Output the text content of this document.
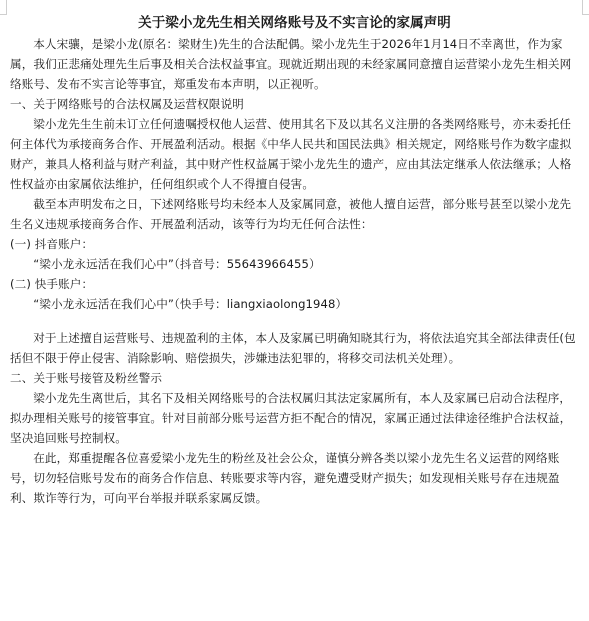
关于梁小龙先生相关网络账号及不实言论的家属声明

本人宋骧，是梁小龙(原名：梁财生)先生的合法配偶。梁小龙先生于2026年1月14日不幸离世，作为家属，我们正悲痛处理先生后事及相关合法权益事宜。现就近期出现的未经家属同意擅自运营梁小龙先生相关网络账号、发布不实言论等事宜，郑重发布本声明，以正视听。

一、关于网络账号的合法权属及运营权限说明

梁小龙先生生前未订立任何遗嘱授权他人运营、使用其名下及以其名义注册的各类网络账号，亦未委托任何主体代为承接商务合作、开展盈利活动。根据《中华人民共和国民法典》相关规定，网络账号作为数字虚拟财产，兼具人格利益与财产利益，其中财产性权益属于梁小龙先生的遗产，应由其法定继承人依法继承；人格性权益亦由家属依法维护，任何组织或个人不得擅自侵害。

截至本声明发布之日，下述网络账号均未经本人及家属同意，被他人擅自运营，部分账号甚至以梁小龙先生名义违规承接商务合作、开展盈利活动，该等行为均无任何合法性：

(一) 抖音账户：

“梁小龙永远活在我们心中”（抖音号：55643966455）

(二) 快手账户：

“梁小龙永远活在我们心中”（快手号：liangxiaolong1948）

对于上述擅自运营账号、违规盈利的主体，本人及家属已明确知晓其行为，将依法追究其全部法律责任(包括但不限于停止侵害、消除影响、赔偿损失，涉嫌违法犯罪的，将移交司法机关处理）。

二、关于账号接管及粉丝警示

梁小龙先生离世后，其名下及相关网络账号的合法权属归其法定家属所有，本人及家属已启动合法程序，拟办理相关账号的接管事宜。针对目前部分账号运营方拒不配合的情况，家属正通过法律途径维护合法权益，坚决追回账号控制权。

在此，郑重提醒各位喜爱梁小龙先生的粉丝及社会公众，谨慎分辨各类以梁小龙先生名义运营的网络账号，切勿轻信账号发布的商务合作信息、转账要求等内容，避免遭受财产损失；如发现相关账号存在违规盈利、欺诈等行为，可向平台举报并联系家属反馈。
